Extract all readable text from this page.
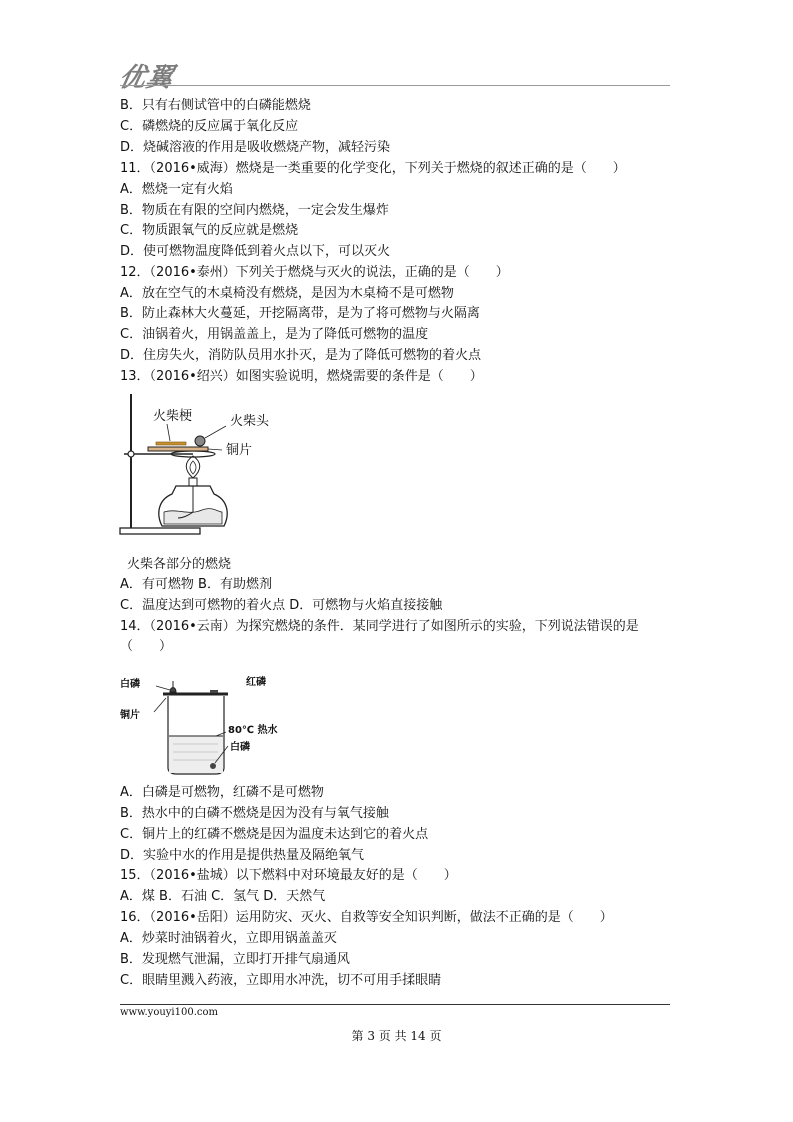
优翼
B．只有右侧试管中的白磷能燃烧
C．磷燃烧的反应属于氧化反应
D．烧碱溶液的作用是吸收燃烧产物，减轻污染
11．（2016•威海）燃烧是一类重要的化学变化，下列关于燃烧的叙述正确的是（　　）
A．燃烧一定有火焰
B．物质在有限的空间内燃烧，一定会发生爆炸
C．物质跟氧气的反应就是燃烧
D．使可燃物温度降低到着火点以下，可以灭火
12．（2016•泰州）下列关于燃烧与灭火的说法，正确的是（　　）
A．放在空气的木桌椅没有燃烧，是因为木桌椅不是可燃物
B．防止森林大火蔓延，开挖隔离带，是为了将可燃物与火隔离
C．油锅着火，用锅盖盖上，是为了降低可燃物的温度
D．住房失火，消防队员用水扑灭，是为了降低可燃物的着火点
13．（2016•绍兴）如图实验说明，燃烧需要的条件是（　　）
火柴梗	火柴头
铜片
火柴各部分的燃烧
A．有可燃物 B．有助燃剂
C．温度达到可燃物的着火点 D．可燃物与火焰直接接触
14．（2016•云南）为探究燃烧的条件．某同学进行了如图所示的实验，下列说法错误的是
（　　）
白磷	红磷
铜片
80℃ 热水
白磷
A．白磷是可燃物，红磷不是可燃物
B．热水中的白磷不燃烧是因为没有与氧气接触
C．铜片上的红磷不燃烧是因为温度未达到它的着火点
D．实验中水的作用是提供热量及隔绝氧气
15．（2016•盐城）以下燃料中对环境最友好的是（　　）
A．煤 B．石油 C．氢气 D．天然气
16．（2016•岳阳）运用防灾、灭火、自救等安全知识判断，做法不正确的是（　　）
A．炒菜时油锅着火，立即用锅盖盖灭
B．发现燃气泄漏，立即打开排气扇通风
C．眼睛里溅入药液，立即用水冲洗，切不可用手揉眼睛
www.youyi100.com
第 3 页 共 14 页
